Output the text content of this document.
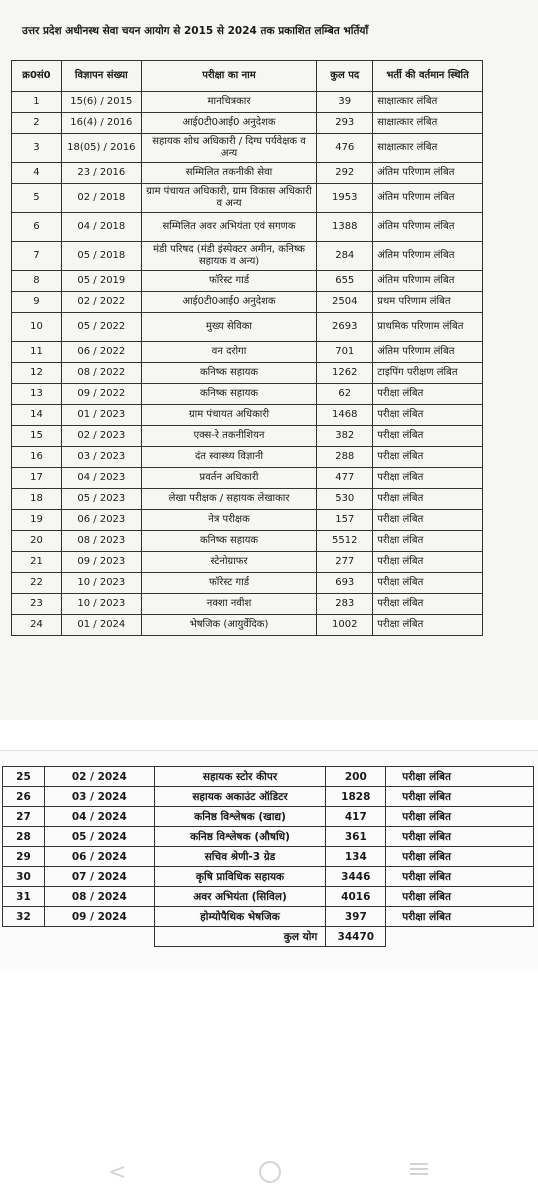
उत्तर प्रदेश अधीनस्थ सेवा चयन आयोग से 2015 से 2024 तक प्रकाशित लम्बित भर्तियाँ
क्र0सं0	विज्ञापन संख्या	परीक्षा का नाम	कुल पद	भर्ती की वर्तमान स्थिति
1	15(6) / 2015	मानचित्रकार	39	साक्षात्कार लंबित
2	16(4) / 2016	आई0टी0आई0 अनुदेशक	293	साक्षात्कार लंबित
3	18(05) / 2016	सहायक शोध अधिकारी / दिग्घ पर्यवेक्षक व अन्य	476	साक्षात्कार लंबित
4	23 / 2016	सम्मिलित तकनीकी सेवा	292	अंतिम परिणाम लंबित
5	02 / 2018	ग्राम पंचायत अधिकारी, ग्राम विकास अधिकारी व अन्य	1953	अंतिम परिणाम लंबित
6	04 / 2018	सम्मिलित अवर अभियंता एवं सगणक	1388	अंतिम परिणाम लंबित
7	05 / 2018	मंडी परिषद (मंडी इंस्पेक्टर अमीन, कनिष्क सहायक व अन्य)	284	अंतिम परिणाम लंबित
8	05 / 2019	फॉरेस्ट गार्ड	655	अंतिम परिणाम लंबित
9	02 / 2022	आई0टी0आई0 अनुदेशक	2504	प्रथम परिणाम लंबित
10	05 / 2022	मुख्य सेविका	2693	प्राथमिक परिणाम लंबित
11	06 / 2022	वन दरोगा	701	अंतिम परिणाम लंबित
12	08 / 2022	कनिष्क सहायक	1262	टाइपिंग परीक्षण लंबित
13	09 / 2022	कनिष्क सहायक	62	परीक्षा लंबित
14	01 / 2023	ग्राम पंचायत अधिकारी	1468	परीक्षा लंबित
15	02 / 2023	एक्स-रे तकनीशियन	382	परीक्षा लंबित
16	03 / 2023	दंत स्वास्थ्य विज्ञानी	288	परीक्षा लंबित
17	04 / 2023	प्रवर्तन अधिकारी	477	परीक्षा लंबित
18	05 / 2023	लेखा परीक्षक / सहायक लेखाकार	530	परीक्षा लंबित
19	06 / 2023	नेत्र परीक्षक	157	परीक्षा लंबित
20	08 / 2023	कनिष्क सहायक	5512	परीक्षा लंबित
21	09 / 2023	स्टेनोग्राफर	277	परीक्षा लंबित
22	10 / 2023	फॉरेस्ट गार्ड	693	परीक्षा लंबित
23	10 / 2023	नक्शा नवीश	283	परीक्षा लंबित
24	01 / 2024	भेषजिक (आयुर्वेदिक)	1002	परीक्षा लंबित
25	02 / 2024	सहायक स्टोर कीपर	200	परीक्षा लंबित
26	03 / 2024	सहायक अकाउंट ऑडिटर	1828	परीक्षा लंबित
27	04 / 2024	कनिष्ठ विश्लेषक (खाद्य)	417	परीक्षा लंबित
28	05 / 2024	कनिष्ठ विश्लेषक (औषधि)	361	परीक्षा लंबित
29	06 / 2024	सचिव श्रेणी-3 ग्रेड	134	परीक्षा लंबित
30	07 / 2024	कृषि प्राविधिक सहायक	3446	परीक्षा लंबित
31	08 / 2024	अवर अभियंता (सिविल)	4016	परीक्षा लंबित
32	09 / 2024	होम्योपैथिक भेषजिक	397	परीक्षा लंबित
		कुल योग	34470	
<
